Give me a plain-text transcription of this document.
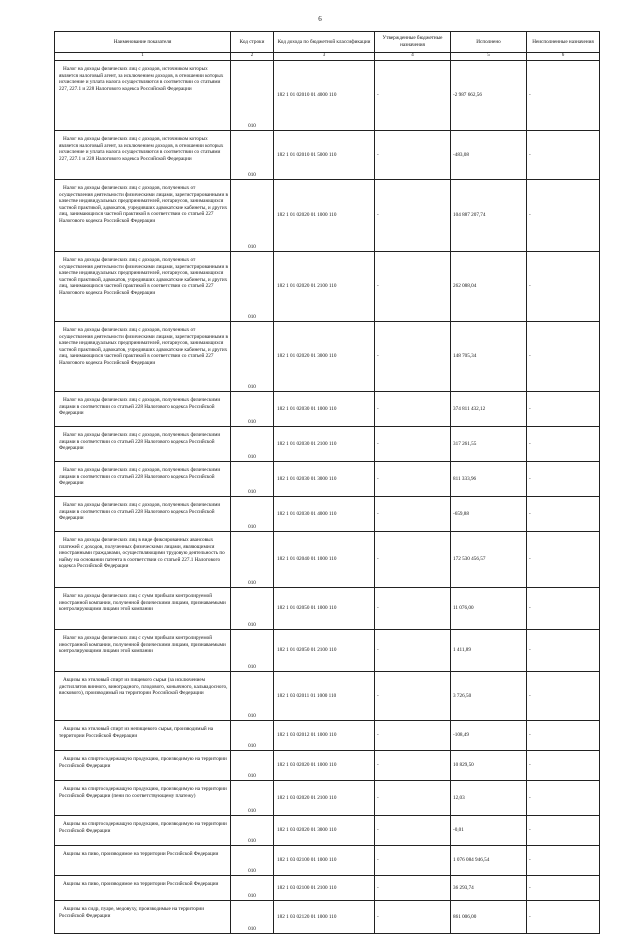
6
Наименование показателя	Код строки	Код дохода по бюджетной классификации	Утвержденные бюджетные назначения	Исполнено	Неисполненные назначения
1	2	3	4	5	6
Налог на доходы физических лиц с доходов, источником которых является налоговый агент, за исключением доходов, в отношении которых исчисление и уплата налога осуществляются в соответствии со статьями 227, 227.1 и 228 Налогового кодекса Российской Федерации	010	182 1 01 02010 01 4000 110	-	-2 987 662,56	-
Налог на доходы физических лиц с доходов, источником которых является налоговый агент, за исключением доходов, в отношении которых исчисление и уплата налога осуществляются в соответствии со статьями 227, 227.1 и 228 Налогового кодекса Российской Федерации	010	182 1 01 02010 01 5000 110	-	-483,08	-
Налог на доходы физических лиц с доходов, полученных от осуществления деятельности физическими лицами, зарегистрированными в качестве индивидуальных предпринимателей, нотариусов, занимающихся частной практикой, адвокатов, учредивших адвокатские кабинеты, и других лиц, занимающихся частной практикой в соответствии со статьей 227 Налогового кодекса Российской Федерации	010	182 1 01 02020 01 1000 110	-	104 887 207,74	-
Налог на доходы физических лиц с доходов, полученных от осуществления деятельности физическими лицами, зарегистрированными в качестве индивидуальных предпринимателей, нотариусов, занимающихся частной практикой, адвокатов, учредивших адвокатские кабинеты, и других лиц, занимающихся частной практикой в соответствии со статьей 227 Налогового кодекса Российской Федерации	010	182 1 01 02020 01 2100 110	-	262 088,04	-
Налог на доходы физических лиц с доходов, полученных от осуществления деятельности физическими лицами, зарегистрированными в качестве индивидуальных предпринимателей, нотариусов, занимающихся частной практикой, адвокатов, учредивших адвокатские кабинеты, и других лиц, занимающихся частной практикой в соответствии со статьей 227 Налогового кодекса Российской Федерации	010	182 1 01 02020 01 3000 110	-	148 705,34	-
Налог на доходы физических лиц с доходов, полученных физическими лицами в соответствии со статьей 228 Налогового кодекса Российской Федерации	010	182 1 01 02030 01 1000 110	-	374 811 432,12	-
Налог на доходы физических лиц с доходов, полученных физическими лицами в соответствии со статьей 228 Налогового кодекса Российской Федерации	010	182 1 01 02030 01 2100 110	-	317 261,55	-
Налог на доходы физических лиц с доходов, полученных физическими лицами в соответствии со статьей 228 Налогового кодекса Российской Федерации	010	182 1 01 02030 01 3000 110	-	811 333,96	-
Налог на доходы физических лиц с доходов, полученных физическими лицами в соответствии со статьей 228 Налогового кодекса Российской Федерации	010	182 1 01 02030 01 4000 110	-	-659,88	-
Налог на доходы физических лиц в виде фиксированных авансовых платежей с доходов, полученных физическими лицами, являющимися иностранными гражданами, осуществляющими трудовую деятельность по найму на основании патента в соответствии со статьей 227.1 Налогового кодекса Российской Федерации	010	182 1 01 02040 01 1000 110	-	172 530 456,57	-
Налог на доходы физических лиц с сумм прибыли контролируемой иностранной компании, полученной физическими лицами, признаваемыми контролирующими лицами этой компании	010	182 1 01 02050 01 1000 110	-	11 076,00	-
Налог на доходы физических лиц с сумм прибыли контролируемой иностранной компании, полученной физическими лицами, признаваемыми контролирующими лицами этой компании	010	182 1 01 02050 01 2100 110	-	1 411,89	-
Акцизы на этиловый спирт из пищевого сырья (за исключением дистиллятов винного, виноградного, плодового, коньячного, кальвадосного, вискового), производимый на территории Российской Федерации	010	182 1 03 02011 01 1000 110	-	3 726,50	-
Акцизы на этиловый спирт из непищевого сырья, производимый на территории Российской Федерации	010	182 1 03 02012 01 1000 110	-	-108,49	-
Акцизы на спиртосодержащую продукцию, производимую на территории Российской Федерации	010	182 1 03 02020 01 1000 110	-	10 829,50	-
Акцизы на спиртосодержащую продукцию, производимую на территории Российской Федерации (пени по соответствующему платежу)	010	182 1 03 02020 01 2100 110	-	12,03	-
Акцизы на спиртосодержащую продукцию, производимую на территории Российской Федерации	010	182 1 03 02020 01 3000 110	-	-0,01	-
Акцизы на пиво, производимое на территории Российской Федерации	010	182 1 03 02100 01 1000 110	-	1 076 084 946,54	-
Акцизы на пиво, производимое на территории Российской Федерации	010	182 1 03 02100 01 2100 110	-	36 293,74	-
Акцизы на сидр, пуаре, медовуху, производимые на территории Российской Федерации	010	182 1 03 02120 01 1000 110	-	861 006,00	-
